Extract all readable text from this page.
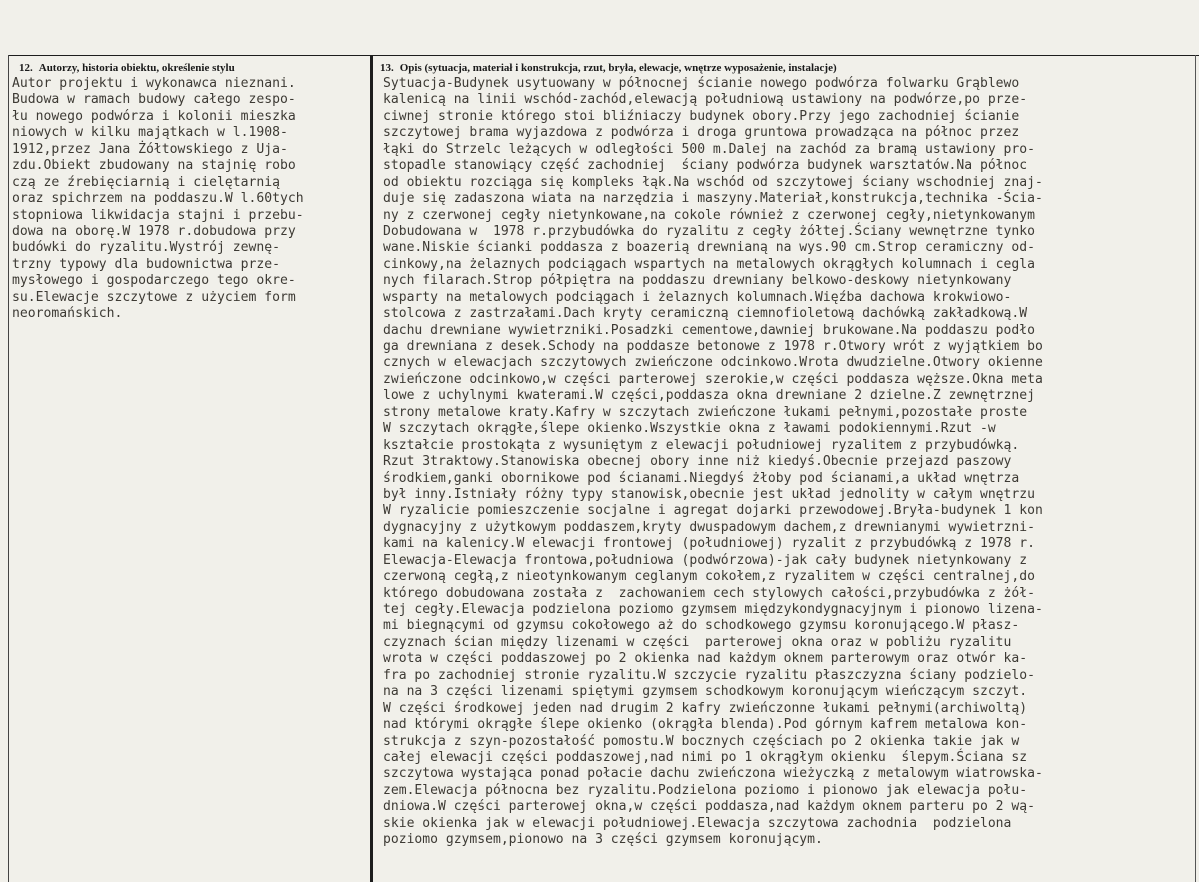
12. Autorzy, historia obiektu, określenie stylu	13. Opis (sytuacja, materiał i konstrukcja, rzut, bryła, elewacje, wnętrze wyposażenie, instalacje)
Autor projektu i wykonawca nieznani.
Budowa w ramach budowy całego zespo-
łu nowego podwórza i kolonii mieszka
niowych w kilku majątkach w l.1908-
1912,przez Jana Żółtowskiego z Uja-
zdu.Obiekt zbudowany na stajnię robo
czą ze źrebięciarnią i cielętarnią
oraz spichrzem na poddaszu.W l.60tych
stopniowa likwidacja stajni i przebu-
dowa na oborę.W 1978 r.dobudowa przy
budówki do ryzalitu.Wystrój zewnę-
trzny typowy dla budownictwa prze-
mysłowego i gospodarczego tego okre-
su.Elewacje szczytowe z użyciem form
neoromańskich.
Sytuacja-Budynek usytuowany w północnej ścianie nowego podwórza folwarku Grąblewo
kalenicą na linii wschód-zachód,elewacją południową ustawiony na podwórze,po prze-
ciwnej stronie którego stoi bliźniaczy budynek obory.Przy jego zachodniej ścianie
szczytowej brama wyjazdowa z podwórza i droga gruntowa prowadząca na północ przez
łąki do Strzelc leżących w odległości 500 m.Dalej na zachód za bramą ustawiony pro-
stopadle stanowiący część zachodniej  ściany podwórza budynek warsztatów.Na północ
od obiektu rozciąga się kompleks łąk.Na wschód od szczytowej ściany wschodniej znaj-
duje się zadaszona wiata na narzędzia i maszyny.Materiał,konstrukcja,technika -Ścia-
ny z czerwonej cegły nietynkowane,na cokole również z czerwonej cegły,nietynkowanym
Dobudowana w  1978 r.przybudówka do ryzalitu z cegły żółtej.Ściany wewnętrzne tynko
wane.Niskie ścianki poddasza z boazerią drewnianą na wys.90 cm.Strop ceramiczny od-
cinkowy,na żelaznych podciągach wspartych na metalowych okrągłych kolumnach i cegla
nych filarach.Strop półpiętra na poddaszu drewniany belkowo-deskowy nietynkowany
wsparty na metalowych podciągach i żelaznych kolumnach.Więźba dachowa krokwiowo-
stolcowa z zastrzałami.Dach kryty ceramiczną ciemnofioletową dachówką zakładkową.W
dachu drewniane wywietrzniki.Posadzki cementowe,dawniej brukowane.Na poddaszu podło
ga drewniana z desek.Schody na poddasze betonowe z 1978 r.Otwory wrót z wyjątkiem bo
cznych w elewacjach szczytowych zwieńczone odcinkowo.Wrota dwudzielne.Otwory okienne
zwieńczone odcinkowo,w części parterowej szerokie,w części poddasza węższe.Okna meta
lowe z uchylnymi kwaterami.W części,poddasza okna drewniane 2 dzielne.Z zewnętrznej
strony metalowe kraty.Kafry w szczytach zwieńczone łukami pełnymi,pozostałe proste
W szczytach okrągłe,ślepe okienko.Wszystkie okna z ławami podokiennymi.Rzut -w
kształcie prostokąta z wysuniętym z elewacji południowej ryzalitem z przybudówką.
Rzut 3traktowy.Stanowiska obecnej obory inne niż kiedyś.Obecnie przejazd paszowy
środkiem,ganki obornikowe pod ścianami.Niegdyś żłoby pod ścianami,a układ wnętrza
był inny.Istniały różny typy stanowisk,obecnie jest układ jednolity w całym wnętrzu
W ryzalicie pomieszczenie socjalne i agregat dojarki przewodowej.Bryła-budynek 1 kon
dygnacyjny z użytkowym poddaszem,kryty dwuspadowym dachem,z drewnianymi wywietrzni-
kami na kalenicy.W elewacji frontowej (południowej) ryzalit z przybudówką z 1978 r.
Elewacja-Elewacja frontowa,południowa (podwórzowa)-jak cały budynek nietynkowany z
czerwoną cegłą,z nieotynkowanym ceglanym cokołem,z ryzalitem w części centralnej,do
którego dobudowana została z  zachowaniem cech stylowych całości,przybudówka z żół-
tej cegły.Elewacja podzielona poziomo gzymsem międzykondygnacyjnym i pionowo lizena-
mi biegnącymi od gzymsu cokołowego aż do schodkowego gzymsu koronującego.W płasz-
czyznach ścian między lizenami w części  parterowej okna oraz w pobliżu ryzalitu
wrota w części poddaszowej po 2 okienka nad każdym oknem parterowym oraz otwór ka-
fra po zachodniej stronie ryzalitu.W szczycie ryzalitu płaszczyzna ściany podzielo-
na na 3 części lizenami spiętymi gzymsem schodkowym koronującym wieńczącym szczyt.
W części środkowej jeden nad drugim 2 kafry zwieńczonne łukami pełnymi(archiwoltą)
nad którymi okrągłe ślepe okienko (okrągła blenda).Pod górnym kafrem metalowa kon-
strukcja z szyn-pozostałość pomostu.W bocznych częściach po 2 okienka takie jak w
całej elewacji części poddaszowej,nad nimi po 1 okrągłym okienku  ślepym.Ściana sz
szczytowa wystająca ponad połacie dachu zwieńczona wieżyczką z metalowym wiatrowska-
zem.Elewacja północna bez ryzalitu.Podzielona poziomo i pionowo jak elewacja połu-
dniowa.W części parterowej okna,w części poddasza,nad każdym oknem parteru po 2 wą-
skie okienka jak w elewacji południowej.Elewacja szczytowa zachodnia  podzielona
poziomo gzymsem,pionowo na 3 części gzymsem koronującym.
